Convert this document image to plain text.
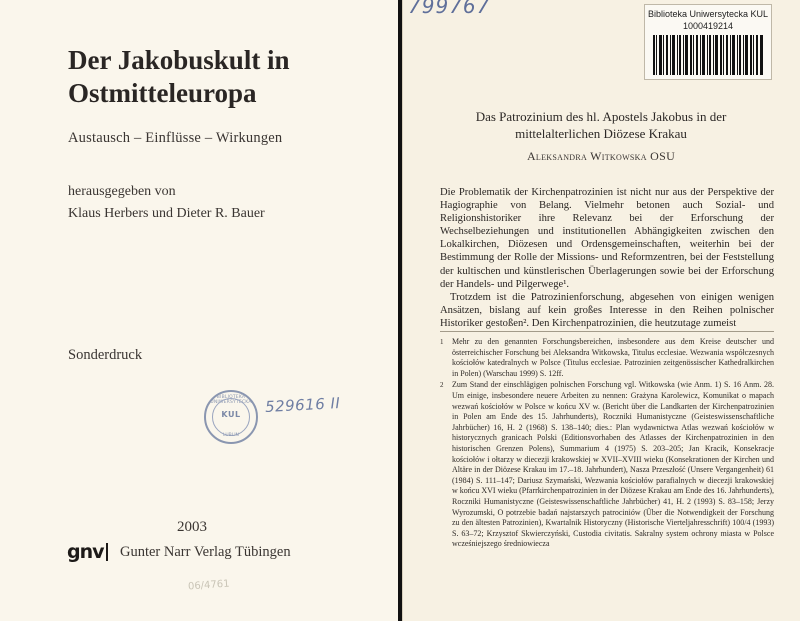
Der Jakobuskult in
Ostmitteleuropa
Austausch – Einflüsse – Wirkungen
herausgegeben von
Klaus Herbers und Dieter R. Bauer
Sonderdruck
BIBLIOTEKA UNIWERSYTECKA
KUL
LUBLIN
529616 II
2003
gnv Gunter Narr Verlag Tübingen
06/4761
799767	Biblioteka Uniwersytecka KUL
1000419214
Das Patrozinium des hl. Apostels Jakobus in der
mittelalterlichen Diözese Krakau
Aleksandra Witkowska OSU

Die Problematik der Kirchenpatrozinien ist nicht nur aus der Perspektive der Hagiographie von Belang. Vielmehr betonen auch Sozial- und Religionshistoriker ihre Relevanz bei der Erforschung der Wechselbeziehungen und institutionellen Abhängigkeiten zwischen den Lokalkirchen, Diözesen und Ordensgemeinschaften, weiterhin bei der Bestimmung der Rolle der Missions- und Reformzentren, bei der Feststellung der kultischen und künstlerischen Überlagerungen sowie bei der Erforschung der Handels- und Pilgerwege¹.

Trotzdem ist die Patrozinienforschung, abgesehen von einigen wenigen Ansätzen, bislang auf kein großes Interesse in den Reihen polnischer Historiker gestoßen². Den Kirchenpatrozinien, die heutzutage zumeist

1 Mehr zu den genannten Forschungsbereichen, insbesondere aus dem Kreise deutscher und österreichischer Forschung bei Aleksandra Witkowska, Titulus ecclesiae. Wezwania współczesnych kościołów katedralnych w Polsce (Titulus ecclesiae. Patrozinien zeitgenössischer Kathedralkirchen in Polen) (Warschau 1999) S. 12ff.
2 Zum Stand der einschlägigen polnischen Forschung vgl. Witkowska (wie Anm. 1) S. 16 Anm. 28. Um einige, insbesondere neuere Arbeiten zu nennen: Grażyna Karolewicz, Komunikat o mapach wezwań kościołów w Polsce w końcu XV w. (Bericht über die Landkarten der Kirchenpatrozinien in Polen am Ende des 15. Jahrhunderts), Roczniki Humanistyczne (Geisteswissenschaftliche Jahrbücher) 16, H. 2 (1968) S. 138–140; dies.: Plan wydawnictwa Atlas wezwań kościołów w historycznych granicach Polski (Editionsvorhaben des Atlasses der Kirchenpatrozinien in den historischen Grenzen Polens), Summarium 4 (1975) S. 203–205; Jan Kracik, Konsekracje kościołów i ołtarzy w diecezji krakowskiej w XVII–XVIII wieku (Konsekrationen der Kirchen und Altäre in der Diözese Krakau im 17.–18. Jahrhundert), Nasza Przeszłość (Unsere Vergangenheit) 61 (1984) S. 111–147; Dariusz Szymański, Wezwania kościołów parafialnych w diecezji krakowskiej w końcu XVI wieku (Pfarrkirchenpatrozinien in der Diözese Krakau am Ende des 16. Jahrhunderts), Roczniki Humanistyczne (Geisteswissenschaftliche Jahrbücher) 41, H. 2 (1993) S. 83–158; Jerzy Wyrozumski, O potrzebie badań najstarszych patrociniów (Über die Notwendigkeit der Forschung zu den ältesten Patrozinien), Kwartalnik Historyczny (Historische Vierteljahresschrift) 100/4 (1993) S. 63–72; Krzysztof Skwierczyński, Custodia civitatis. Sakralny system ochrony miasta w Polsce wcześniejszego średniowiecza
